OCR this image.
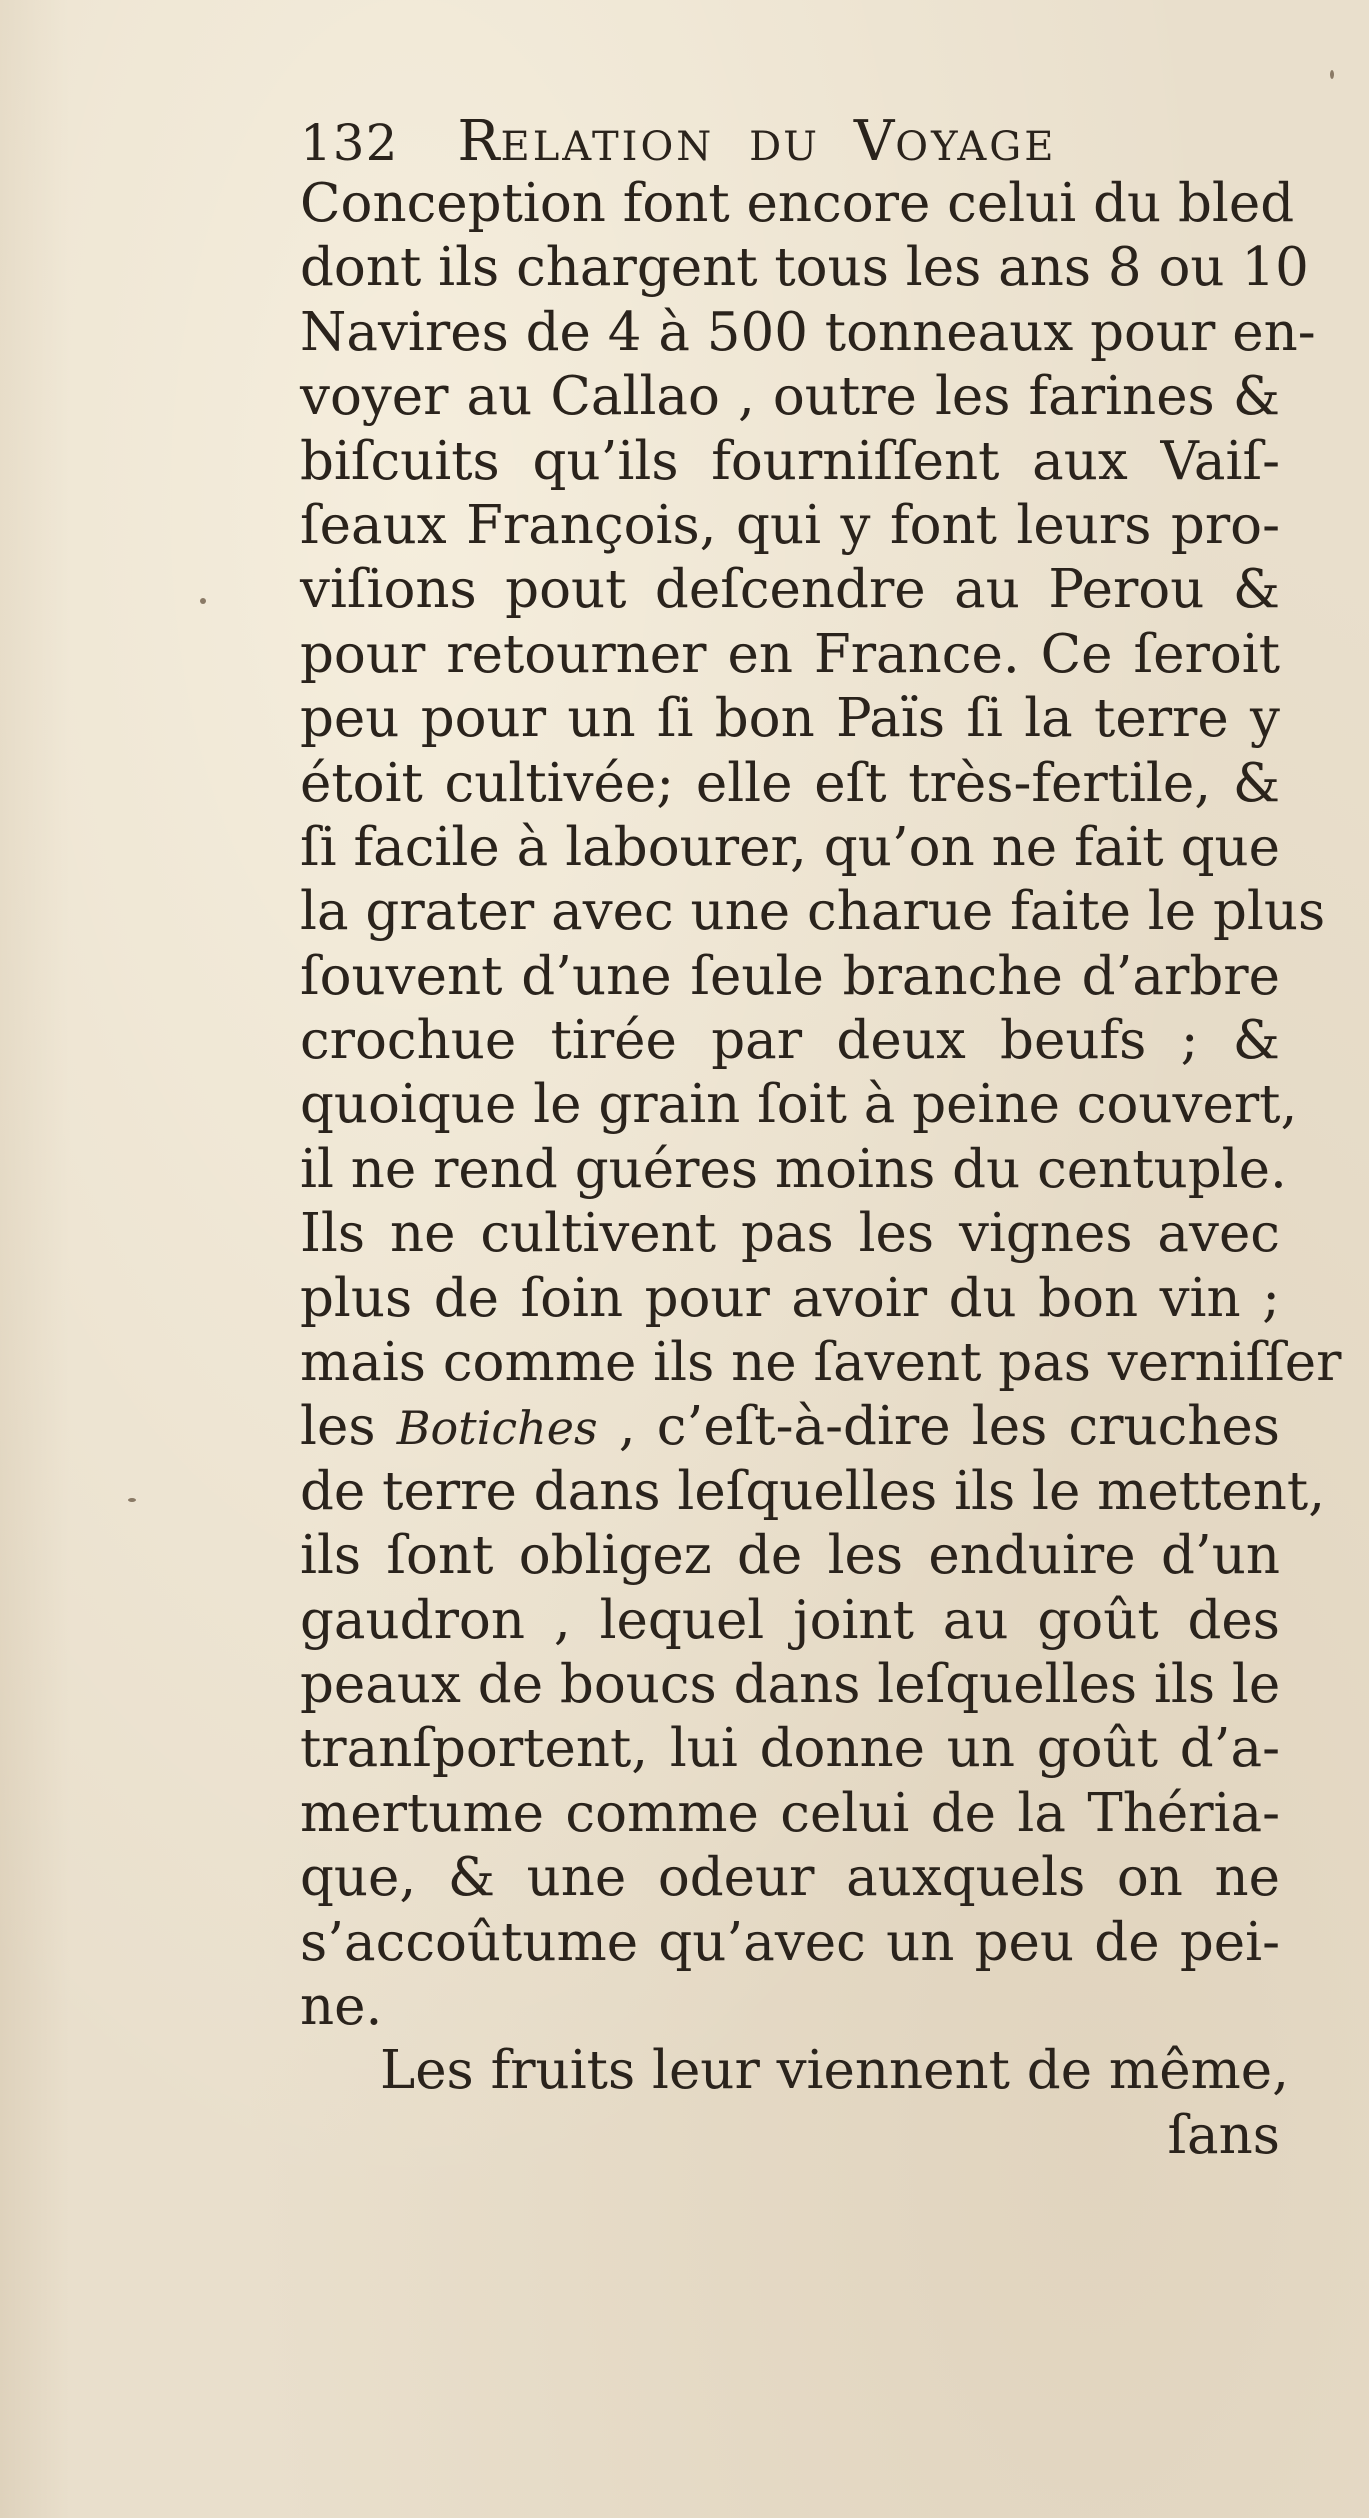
132 RELATION DU VOYAGE
Conception font encore celui du bled
dont ils chargent tous les ans 8 ou 10
Navires de 4 à 500 tonneaux pour en-
voyer au Callao , outre les farines &
biſcuits qu’ils fourniſſent aux Vaiſ-
ſeaux François, qui y font leurs pro-
viſions pout deſcendre au Perou &
pour retourner en France. Ce ſeroit
peu pour un ſi bon Païs ſi la terre y
étoit cultivée; elle eſt très-fertile, &
ſi facile à labourer, qu’on ne fait que
la grater avec une charue faite le plus
ſouvent d’une ſeule branche d’arbre
crochue tirée par deux beufs ; &
quoique le grain ſoit à peine couvert,
il ne rend guéres moins du centuple.
Ils ne cultivent pas les vignes avec
plus de ſoin pour avoir du bon vin ;
mais comme ils ne ſavent pas verniſſer
les Botiches , c’eſt-à-dire les cruches
de terre dans leſquelles ils le mettent,
ils ſont obligez de les enduire d’un
gaudron , lequel joint au goût des
peaux de boucs dans leſquelles ils le
tranſportent, lui donne un goût d’a-
mertume comme celui de la Thériа-
que, & une odeur auxquels on ne
s’accoûtume qu’avec un peu de pei-
ne.
Les fruits leur viennent de même,
ſans
